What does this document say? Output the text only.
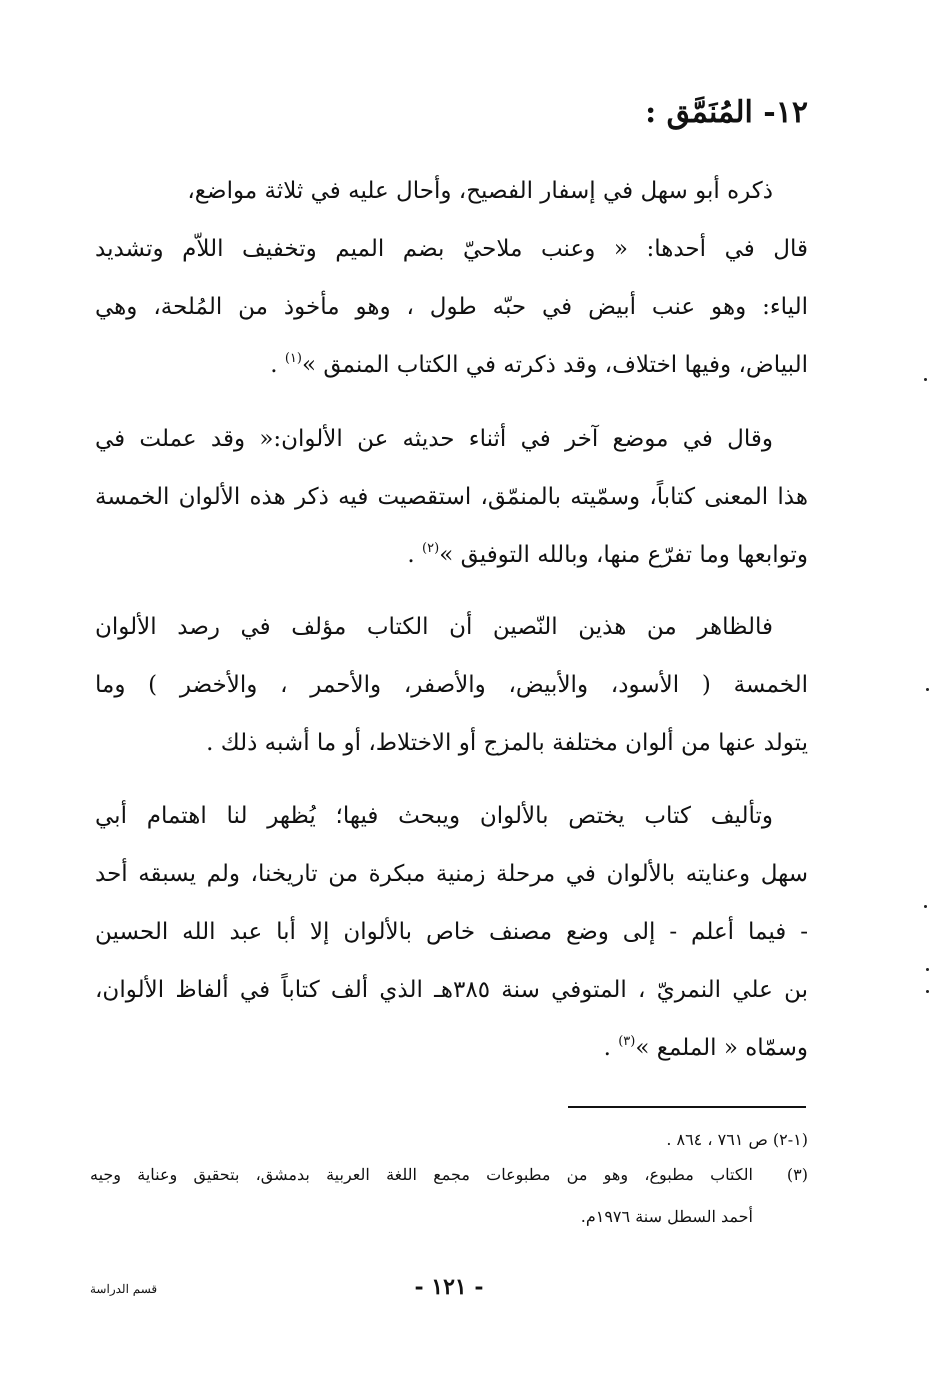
١٢- المُنَمَّق :
ذكره أبو سهل في إسفار الفصيح، وأحال عليه في ثلاثة مواضع،
قال في أحدها: « وعنب ملاحيّ بضم الميم وتخفيف اللاّم وتشديد
الياء: وهو عنب أبيض في حبّه طول ، وهو مأخوذ من المُلحة، وهي
البياض، وفيها اختلاف، وقد ذكرته في الكتاب المنمق »$^{(١)}$ .
وقال في موضع آخر في أثناء حديثه عن الألوان:« وقد عملت في
هذا المعنى كتاباً، وسمّيته بالمنمّق، استقصيت فيه ذكر هذه الألوان الخمسة
وتوابعها وما تفرّع منها، وبالله التوفيق »$^{(٢)}$ .
فالظاهر من هذين النّصين أن الكتاب مؤلف في رصد الألوان
الخمسة ( الأسود، والأبيض، والأصفر، والأحمر ، والأخضر ) وما
يتولد عنها من ألوان مختلفة بالمزج أو الاختلاط، أو ما أشبه ذلك .
وتأليف كتاب يختص بالألوان ويبحث فيها؛ يُظهر لنا اهتمام أبي
سهل وعنايته بالألوان في مرحلة زمنية مبكرة من تاريخنا، ولم يسبقه أحد
- فيما أعلم - إلى وضع مصنف خاص بالألوان إلا أبا عبد الله الحسين
بن علي النمريّ ، المتوفي سنة ٣٨٥هـ الذي ألف كتاباً في ألفاظ الألوان،
وسمّاه « الملمع »$^{(٣)}$ .
(١-٢) ص ٧٦١ ، ٨٦٤ .
(٣)
الكتاب مطبوع، وهو من مطبوعات مجمع اللغة العربية بدمشق، بتحقيق وعناية وجيه
أحمد السطل سنة ١٩٧٦م.
- ١٢١ -
قسم الدراسة
